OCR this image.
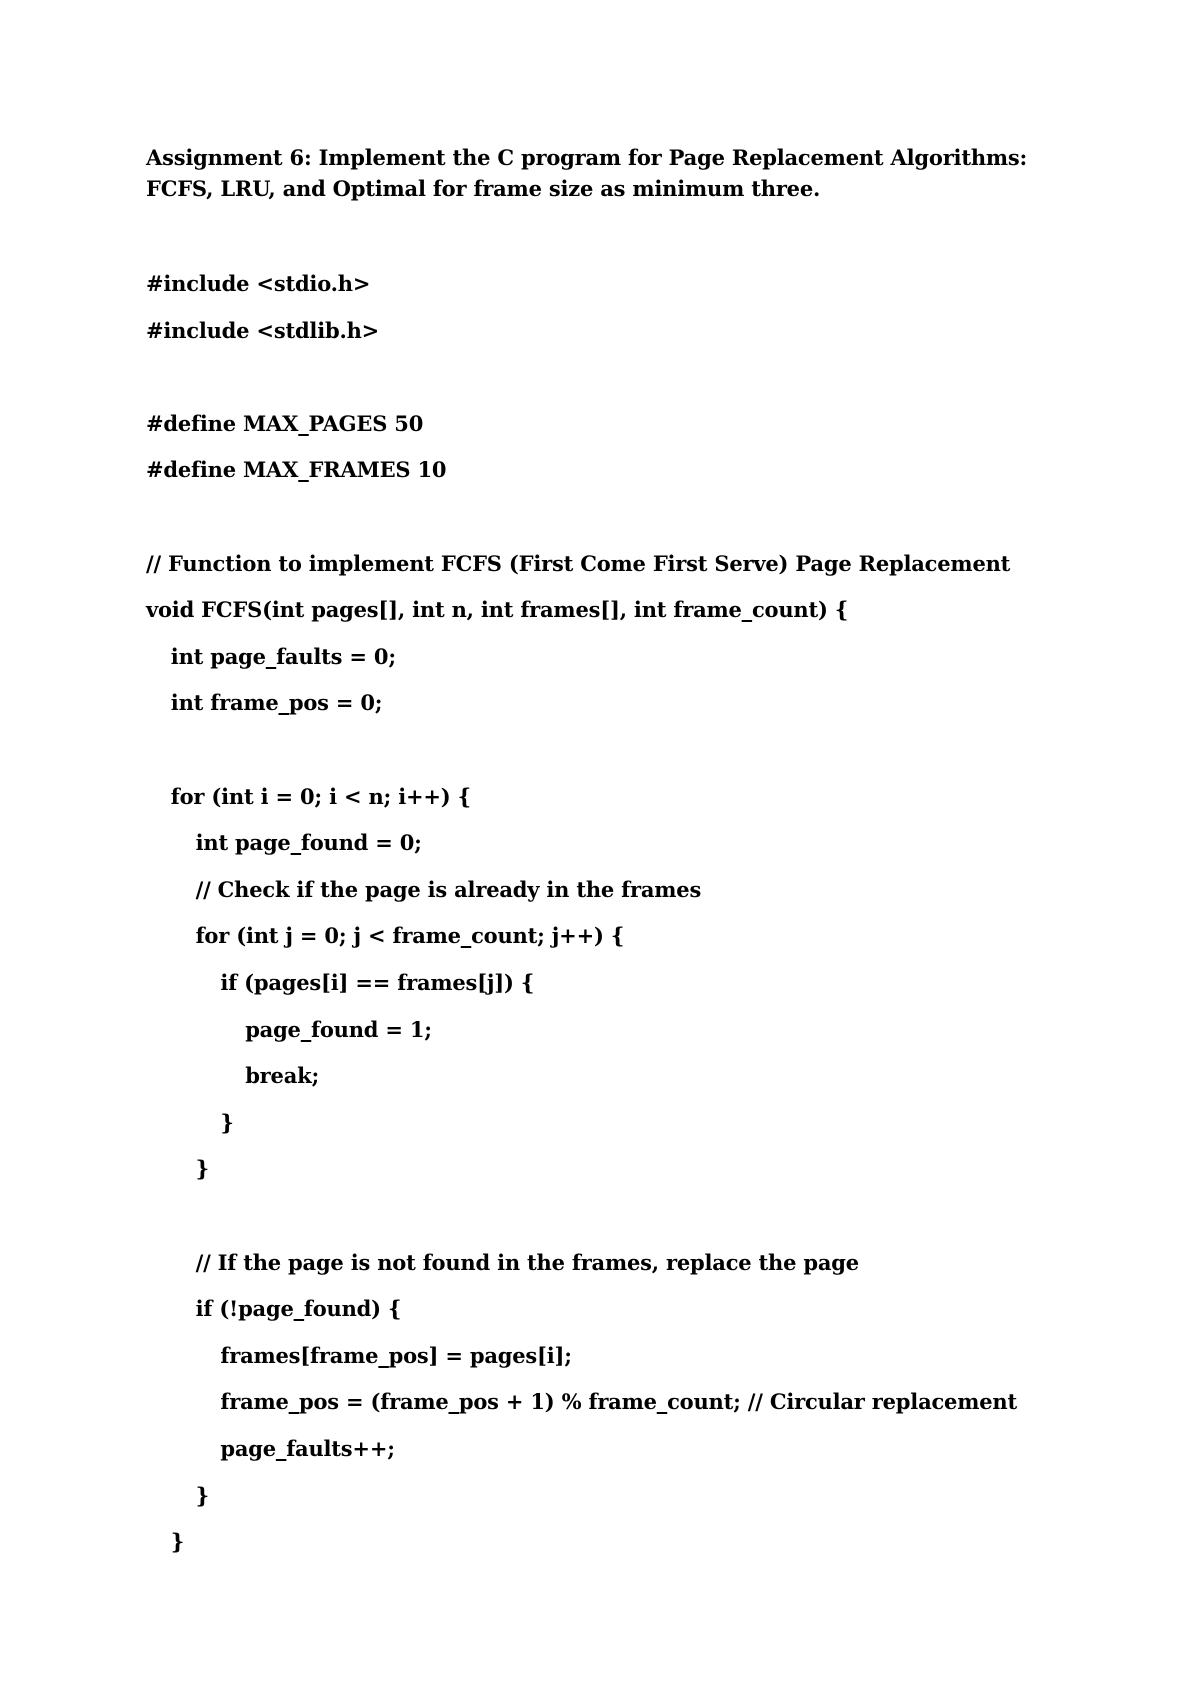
Assignment 6: Implement the C program for Page Replacement Algorithms: FCFS, LRU, and Optimal for frame size as minimum three.

#include <stdio.h>
#include <stdlib.h>
#define MAX_PAGES 50
#define MAX_FRAMES 10
// Function to implement FCFS (First Come First Serve) Page Replacement
void FCFS(int pages[], int n, int frames[], int frame_count) {
int page_faults = 0;
int frame_pos = 0;
for (int i = 0; i < n; i++) {
int page_found = 0;
// Check if the page is already in the frames
for (int j = 0; j < frame_count; j++) {
if (pages[i] == frames[j]) {
page_found = 1;
break;
}
}
// If the page is not found in the frames, replace the page
if (!page_found) {
frames[frame_pos] = pages[i];
frame_pos = (frame_pos + 1) % frame_count; // Circular replacement
page_faults++;
}
}
